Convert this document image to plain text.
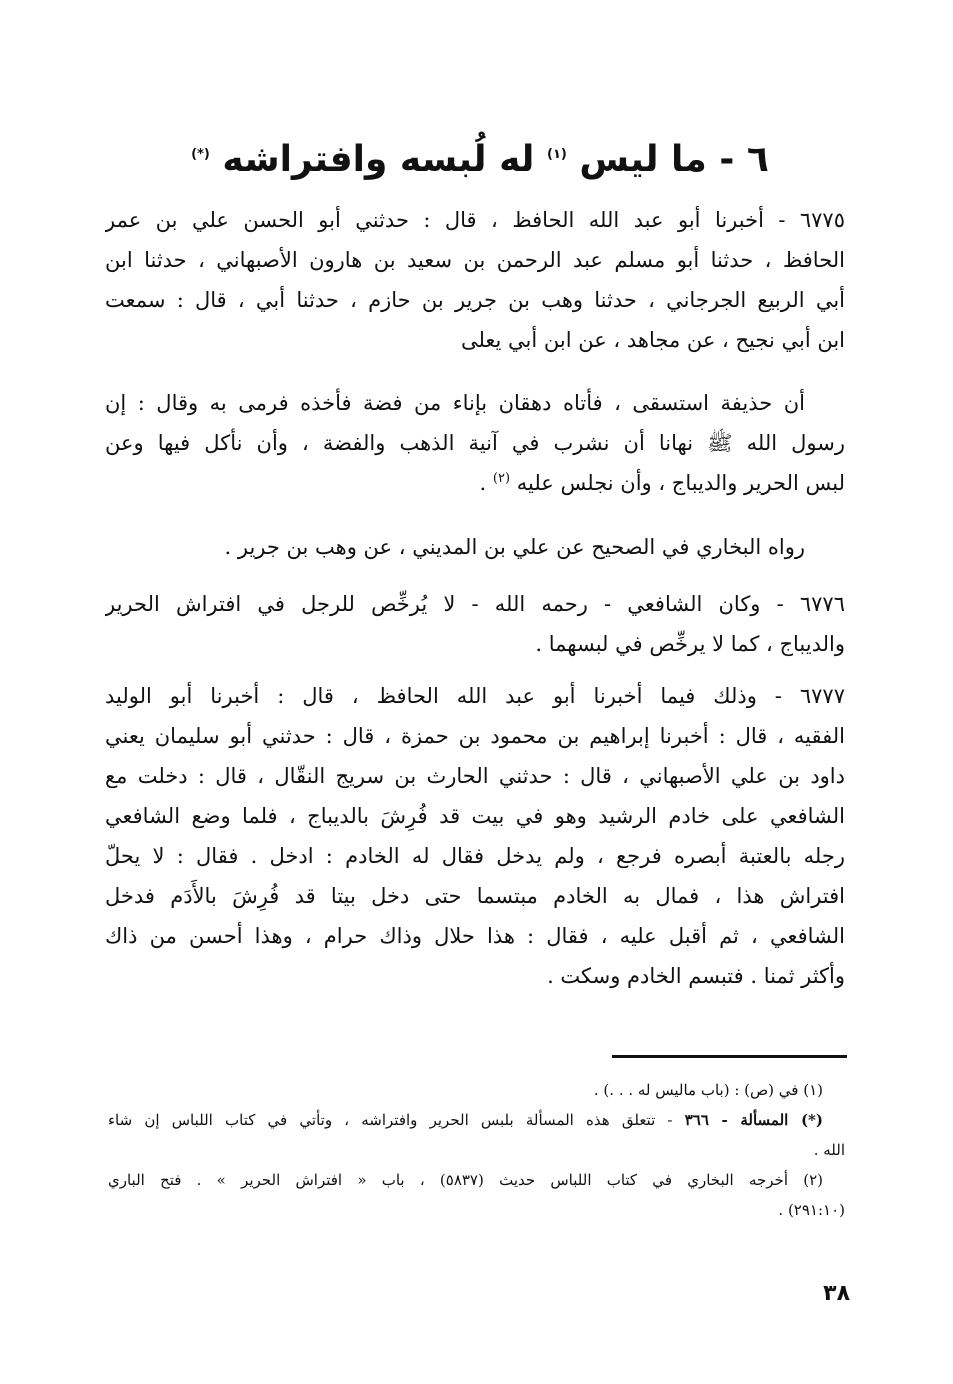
٦ - ما ليس $^{(١)}$ له لُبسه وافتراشه (*)
٦٧٧٥ - أخبرنا أبو عبد الله الحافظ ، قال : حدثني أبو الحسن علي بن عمر
الحافظ ، حدثنا أبو مسلم عبد الرحمن بن سعيد بن هارون الأصبهاني ، حدثنا ابن
أبي الربيع الجرجاني ، حدثنا وهب بن جرير بن حازم ، حدثنا أبي ، قال : سمعت
ابن أبي نجيح ، عن مجاهد ، عن ابن أبي يعلى
أن حذيفة استسقى ، فأتاه دهقان بإناء من فضة فأخذه فرمى به وقال : إن
رسول الله ﷺ نهانا أن نشرب في آنية الذهب والفضة ، وأن نأكل فيها وعن
لبس الحرير والديباج ، وأن نجلس عليه $^{(٢)}$ .
رواه البخاري في الصحيح عن علي بن المديني ، عن وهب بن جرير .
٦٧٧٦ - وكان الشافعي - رحمه الله - لا يُرخِّص للرجل في افتراش الحرير
والديباج ، كما لا يرخِّص في لبسهما .
٦٧٧٧ - وذلك فيما أخبرنا أبو عبد الله الحافظ ، قال : أخبرنا أبو الوليد
الفقيه ، قال : أخبرنا إبراهيم بن محمود بن حمزة ، قال : حدثني أبو سليمان يعني
داود بن علي الأصبهاني ، قال : حدثني الحارث بن سريج النقّال ، قال : دخلت مع
الشافعي على خادم الرشيد وهو في بيت قد فُرِشَ بالديباج ، فلما وضع الشافعي
رجله بالعتبة أبصره فرجع ، ولم يدخل فقال له الخادم : ادخل . فقال : لا يحلّ
افتراش هذا ، فمال به الخادم مبتسما حتى دخل بيتا قد فُرِشَ بالأَدَم فدخل
الشافعي ، ثم أقبل عليه ، فقال : هذا حلال وذاك حرام ، وهذا أحسن من ذاك
وأكثر ثمنا . فتبسم الخادم وسكت .
(١) في (ص) : (باب ماليس له . . .) .
(*) المسألة - ٣٦٦ - تتعلق هذه المسألة بلبس الحرير وافتراشه ، وتأتي في كتاب اللباس إن شاء
الله .
(٢) أخرجه البخاري في كتاب اللباس حديث (٥٨٣٧) ، باب « افتراش الحرير » . فتح الباري
(٢٩١:١٠) .
٣٨
